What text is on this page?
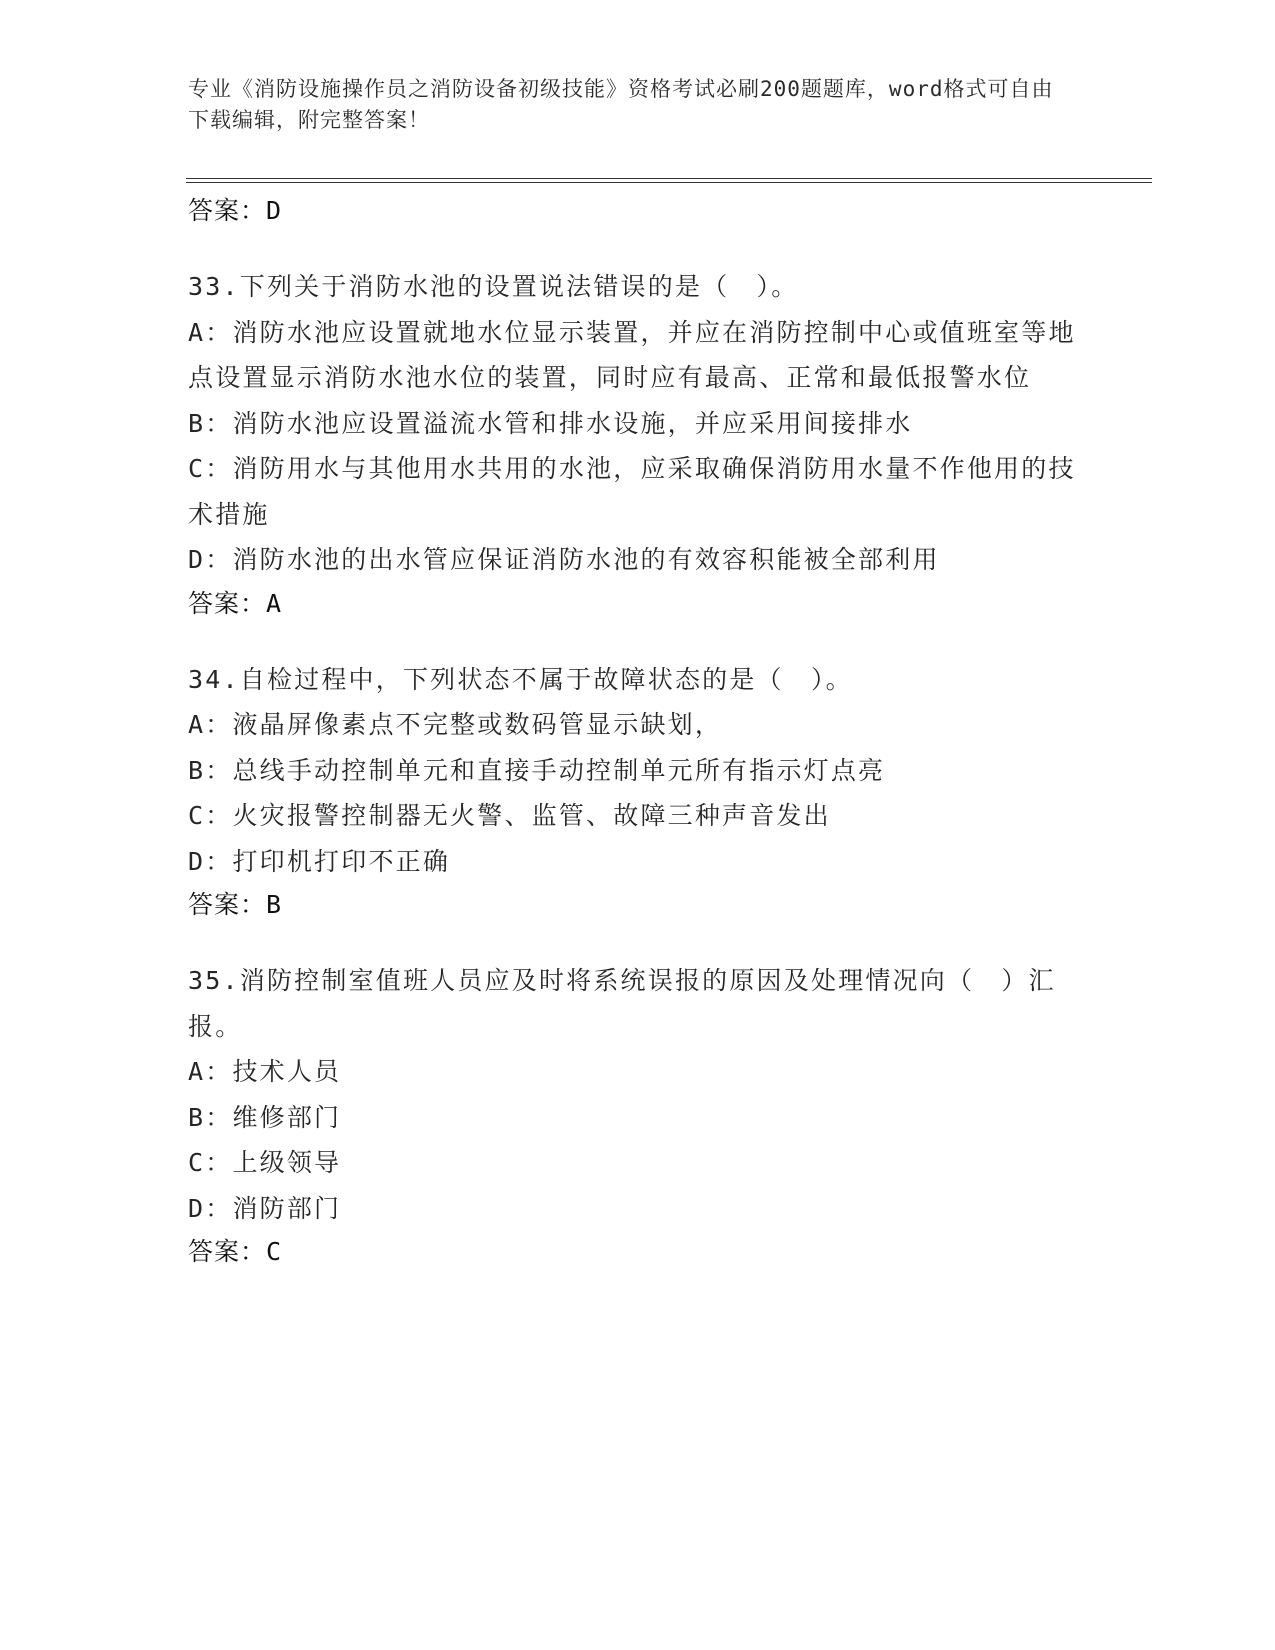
专业《消防设施操作员之消防设备初级技能》资格考试必刷200题题库，word格式可自由下载编辑，附完整答案！
答案：D

33.下列关于消防水池的设置说法错误的是（　）。

A：消防水池应设置就地水位显示装置，并应在消防控制中心或值班室等地点设置显示消防水池水位的装置，同时应有最高、正常和最低报警水位

B：消防水池应设置溢流水管和排水设施，并应采用间接排水

C：消防用水与其他用水共用的水池，应采取确保消防用水量不作他用的技术措施

D：消防水池的出水管应保证消防水池的有效容积能被全部利用

答案：A

34.自检过程中，下列状态不属于故障状态的是（　）。

A：液晶屏像素点不完整或数码管显示缺划，

B：总线手动控制单元和直接手动控制单元所有指示灯点亮

C：火灾报警控制器无火警、监管、故障三种声音发出

D：打印机打印不正确

答案：B

35.消防控制室值班人员应及时将系统误报的原因及处理情况向（　）汇报。

A：技术人员

B：维修部门

C：上级领导

D：消防部门

答案：C
